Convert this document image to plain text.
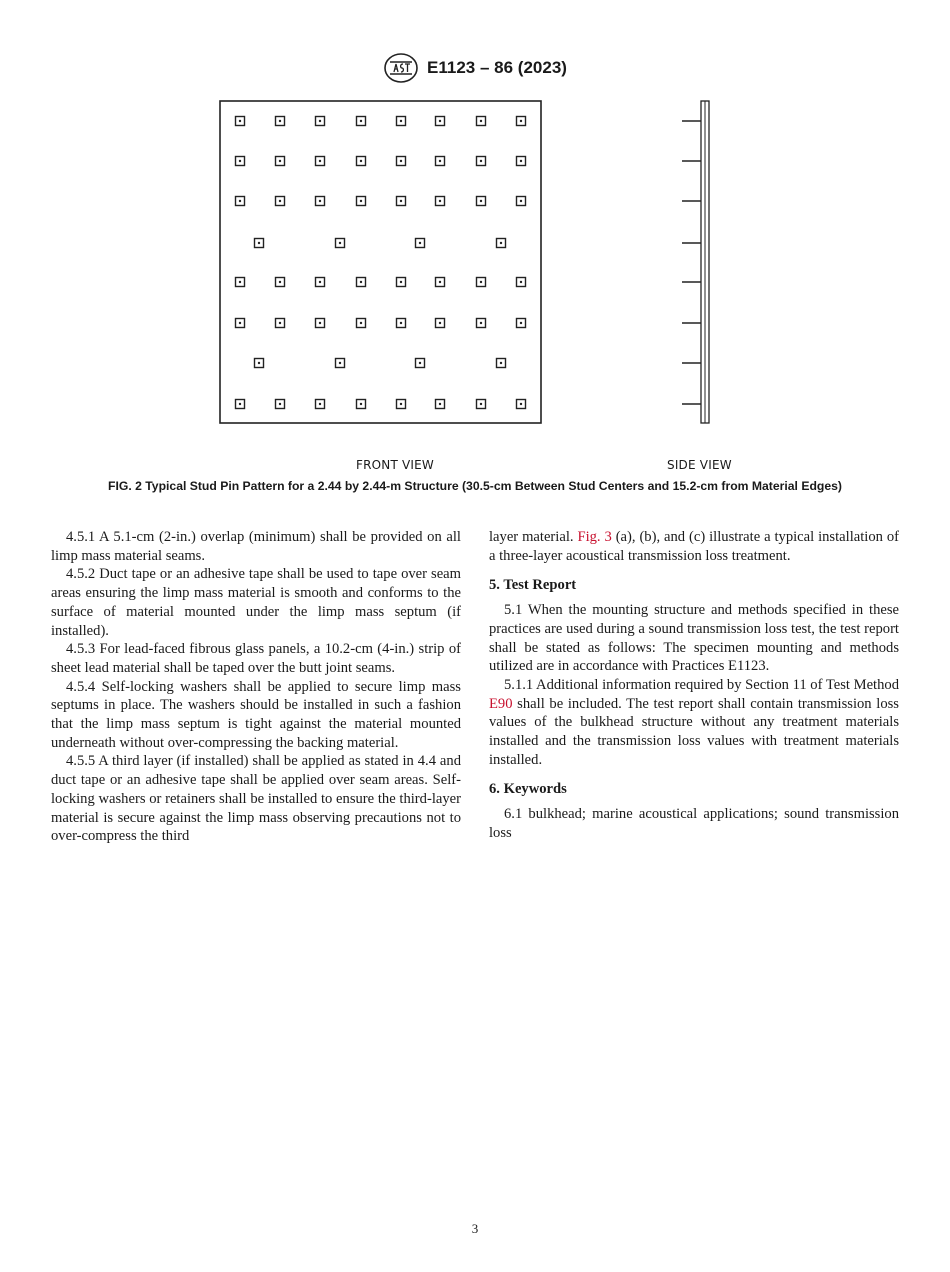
E1123 – 86 (2023)
FRONT VIEW	SIDE VIEW
FIG. 2 Typical Stud Pin Pattern for a 2.44 by 2.44-m Structure (30.5-cm Between Stud Centers and 15.2-cm from Material Edges)

4.5.1 A 5.1-cm (2-in.) overlap (minimum) shall be provided on all limp mass material seams.

4.5.2 Duct tape or an adhesive tape shall be used to tape over seam areas ensuring the limp mass material is smooth and conforms to the surface of material mounted under the limp mass septum (if installed).

4.5.3 For lead-faced fibrous glass panels, a 10.2-cm (4-in.) strip of sheet lead material shall be taped over the butt joint seams.

4.5.4 Self-locking washers shall be applied to secure limp mass septums in place. The washers should be installed in such a fashion that the limp mass septum is tight against the material mounted underneath without over-compressing the backing material.

4.5.5 A third layer (if installed) shall be applied as stated in 4.4 and duct tape or an adhesive tape shall be applied over seam areas. Self-locking washers or retainers shall be installed to ensure the third-layer material is secure against the limp mass observing precautions not to over-compress the third

layer material. Fig. 3 (a), (b), and (c) illustrate a typical installation of a three-layer acoustical transmission loss treatment.

5. Test Report

5.1 When the mounting structure and methods specified in these practices are used during a sound transmission loss test, the test report shall be stated as follows: The specimen mounting and methods utilized are in accordance with Practices E1123.

5.1.1 Additional information required by Section 11 of Test Method E90 shall be included. The test report shall contain transmission loss values of the bulkhead structure without any treatment materials installed and the transmission loss values with treatment materials installed.

6. Keywords

6.1 bulkhead; marine acoustical applications; sound transmission loss

3
